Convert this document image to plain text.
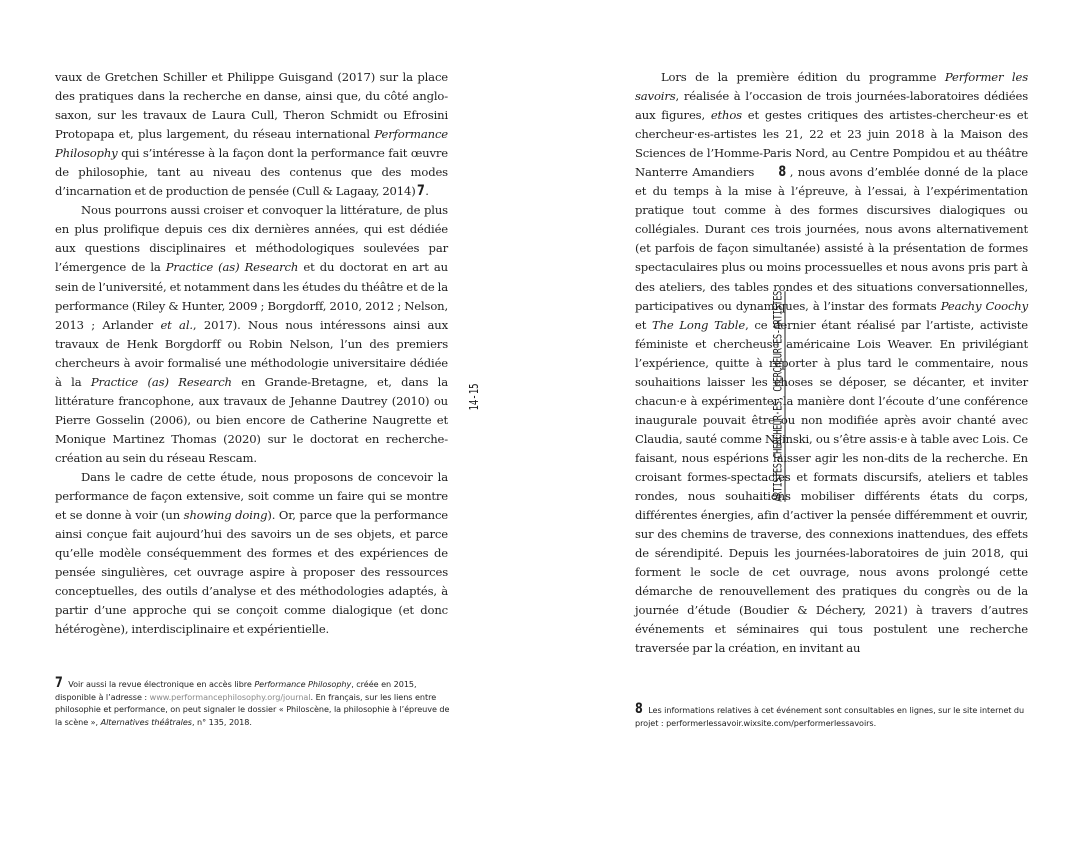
vaux de Gretchen Schiller et Philippe Guisgand (2017) sur la place des pratiques dans la recherche en danse, ainsi que, du côté anglo-saxon, sur les travaux de Laura Cull, Theron Schmidt ou Efrosini Protopapa et, plus largement, du réseau international Performance Philosophy qui s’intéresse à la façon dont la performance fait œuvre de philosophie, tant au niveau des contenus que des modes d’incarnation et de production de pensée (Cull & Lagaay, 2014)7.

Nous pourrons aussi croiser et convoquer la littérature, de plus en plus prolifique depuis ces dix dernières années, qui est dédiée aux questions disciplinaires et méthodologiques soulevées par l’émergence de la Practice (as) Research et du doctorat en art au sein de l’université, et notamment dans les études du théâtre et de la performance (Riley & Hunter, 2009 ; Borgdorff, 2010, 2012 ; Nelson, 2013 ; Arlander et al., 2017). Nous nous intéressons ainsi aux travaux de Henk Borgdorff ou Robin Nelson, l’un des premiers chercheurs à avoir formalisé une méthodologie universitaire dédiée à la Practice (as) Research en Grande-Bretagne, et, dans la littérature francophone, aux travaux de Jehanne Dautrey (2010) ou Pierre Gosselin (2006), ou bien encore de Catherine Naugrette et Monique Martinez Thomas (2020) sur le doctorat en recherche-création au sein du réseau Rescam.

Dans le cadre de cette étude, nous proposons de concevoir la performance de façon extensive, soit comme un faire qui se montre et se donne à voir (un showing doing). Or, parce que la performance ainsi conçue fait aujourd’hui des savoirs un de ses objets, et parce qu’elle modèle conséquemment des formes et des expériences de pensée singulières, cet ouvrage aspire à proposer des ressources conceptuelles, des outils d’analyse et des méthodologies adaptés, à partir d’une approche qui se conçoit comme dialogique (et donc hétérogène), interdisciplinaire et expérientielle.

7 Voir aussi la revue électronique en accès libre Performance Philosophy, créée en 2015, disponible à l’adresse : www.performancephilosophy.org/journal. En français, sur les liens entre philosophie et performance, on peut signaler le dossier « Philoscène, la philosophie à l’épreuve de la scène », Alternatives théâtrales, n° 135, 2018.
14-15	ARTISTES-CHERCHEUR·ES, CHERCHEUR·ES-ARTISTES

Lors de la première édition du programme Performer les savoirs, réalisée à l’occasion de trois journées-laboratoires dédiées aux figures, ethos et gestes critiques des artistes-chercheur·es et chercheur·es-artistes les 21, 22 et 23 juin 2018 à la Maison des Sciences de l’Homme-Paris Nord, au Centre Pompidou et au théâtre Nanterre Amandiers 8 , nous avons d’emblée donné de la place et du temps à la mise à l’épreuve, à l’essai, à l’expérimentation pratique tout comme à des formes discursives dialogiques ou collégiales. Durant ces trois journées, nous avons alternativement (et parfois de façon simultanée) assisté à la présentation de formes spectaculaires plus ou moins processuelles et nous avons pris part à des ateliers, des tables rondes et des situations conversationnelles, participatives ou dynamiques, à l’instar des formats Peachy Coochy et The Long Table, ce dernier étant réalisé par l’artiste, activiste féministe et chercheuse américaine Lois Weaver. En privilégiant l’expérience, quitte à reporter à plus tard le commentaire, nous souhaitions laisser les choses se déposer, se décanter, et inviter chacun·e à expérimenter la manière dont l’écoute d’une conférence inaugurale pouvait être ou non modifiée après avoir chanté avec Claudia, sauté comme Nijinski, ou s’être assis·e à table avec Lois. Ce faisant, nous espérions laisser agir les non-dits de la recherche. En croisant formes-spectacles et formats discursifs, ateliers et tables rondes, nous souhaitions mobiliser différents états du corps, différentes énergies, afin d’activer la pensée différemment et ouvrir, sur des chemins de traverse, des connexions inattendues, des effets de sérendipité. Depuis les journées-laboratoires de juin 2018, qui forment le socle de cet ouvrage, nous avons prolongé cette démarche de renouvellement des pratiques du congrès ou de la journée d’étude (Boudier & Déchery, 2021) à travers d’autres événements et séminaires qui tous postulent une recherche traversée par la création, en invitant au

8 Les informations relatives à cet événement sont consultables en lignes, sur le site internet du projet : performerlessavoir.wixsite.com/performerlessavoirs.
